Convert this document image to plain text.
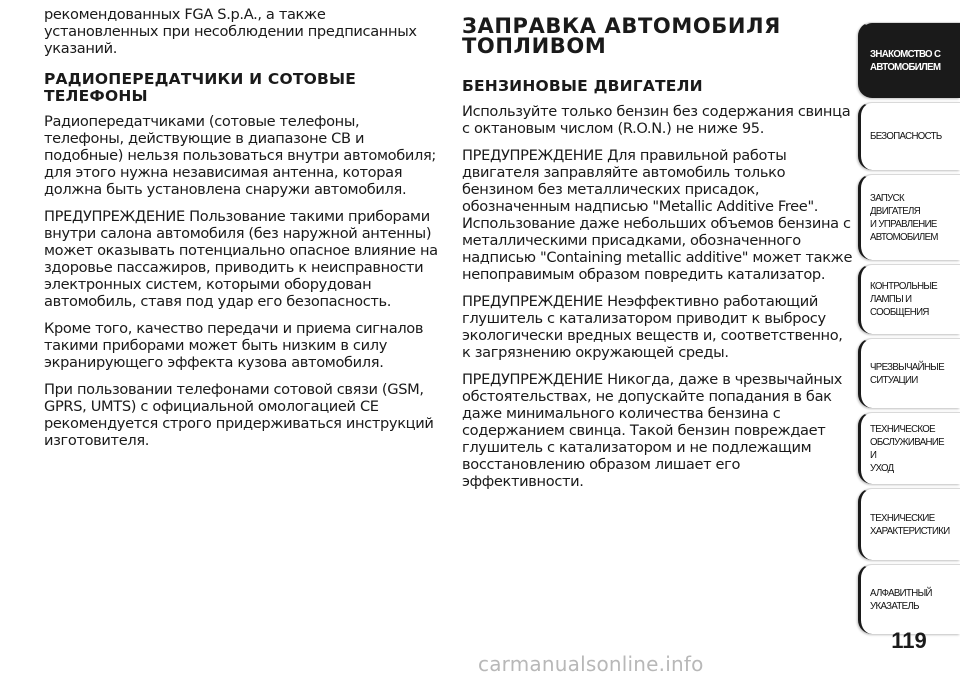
рекомендованных FGA S.p.A., а также установленных при несоблюдении предписанных указаний.

РАДИОПЕРЕДАТЧИКИ И СОТОВЫЕ ТЕЛЕФОНЫ

Радиопередатчиками (сотовые телефоны, телефоны, действующие в диапазоне CB и подобные) нельзя пользоваться внутри автомобиля; для этого нужна независимая антенна, которая должна быть установлена снаружи автомобиля.

ПРЕДУПРЕЖДЕНИЕ Пользование такими приборами внутри салона автомобиля (без наружной антенны) может оказывать потенциально опасное влияние на здоровье пассажиров, приводить к неисправности электронных систем, которыми оборудован автомобиль, ставя под удар его безопасность.

Кроме того, качество передачи и приема сигналов такими приборами может быть низким в силу экранирующего эффекта кузова автомобиля.

При пользовании телефонами сотовой связи (GSM, GPRS, UMTS) с официальной омологацией CE рекомендуется строго придерживаться инструкций изготовителя.

ЗАПРАВКА АВТОМОБИЛЯ ТОПЛИВОМ
БЕНЗИНОВЫЕ ДВИГАТЕЛИ

Используйте только бензин без содержания свинца с октановым числом (R.O.N.) не ниже 95.

ПРЕДУПРЕЖДЕНИЕ Для правильной работы двигателя заправляйте автомобиль только бензином без металлических присадок, обозначенным надписью "Metallic Additive Free". Использование даже небольших объемов бензина с металлическими присадками, обозначенного надписью "Containing metallic additive" может также непоправимым образом повредить катализатор.

ПРЕДУПРЕЖДЕНИЕ Неэффективно работающий глушитель с катализатором приводит к выбросу экологически вредных веществ и, соответственно, к загрязнению окружающей среды.

ПРЕДУПРЕЖДЕНИЕ Никогда, даже в чрезвычайных обстоятельствах, не допускайте попадания в бак даже минимального количества бензина с содержанием свинца. Такой бензин повреждает глушитель с катализатором и не подлежащим восстановлению образом лишает его эффективности.

ЗНАКОМСТВО С
АВТОМОБИЛЕМ
БЕЗОПАСНОСТЬ
ЗАПУСК ДВИГАТЕЛЯ
И УПРАВЛЕНИЕ
АВТОМОБИЛЕМ
КОНТРОЛЬНЫЕ
ЛАМПЫ И
СООБЩЕНИЯ
ЧРЕЗВЫЧАЙНЫЕ
СИТУАЦИИ
ТЕХНИЧЕСКОЕ
ОБСЛУЖИВАНИЕ И
УХОД
ТЕХНИЧЕСКИЕ
ХАРАКТЕРИСТИКИ
АЛФАВИТНЫЙ
УКАЗАТЕЛЬ
119
carmanualsonline.info
